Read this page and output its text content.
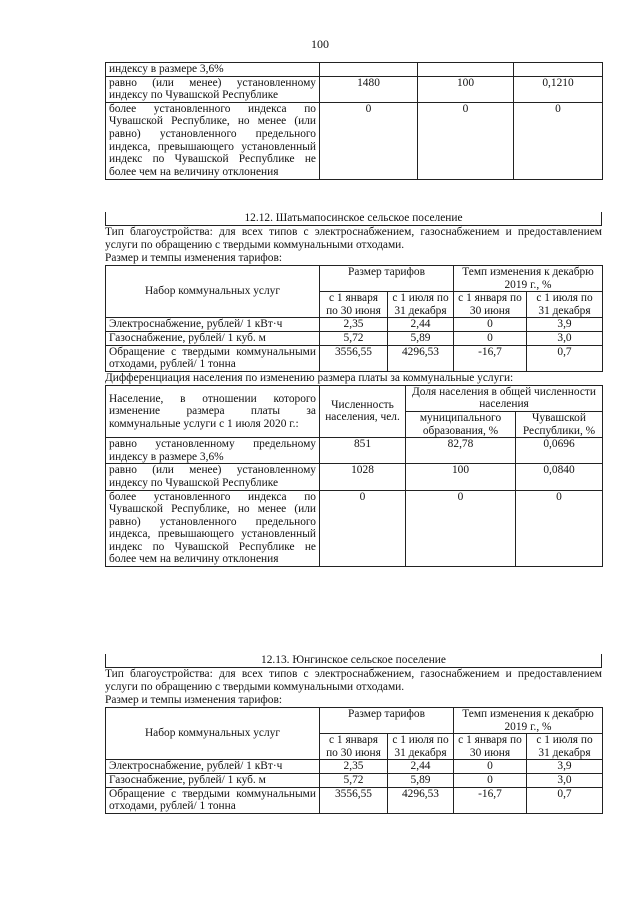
100
индексу в размере 3,6%			
равно (или менее) установленному индексу по Чувашской Республике	1480	100	0,1210
более установленного индекса по Чувашской Республике, но менее (или равно) установленного предельного индекса, превышающего установленный индекс по Чувашской Республике не более чем на величину отклонения	0	0	0
12.12. Шатьмапосинское сельское поселение
Тип благоустройства: для всех типов с электроснабжением, газоснабжением и предоставлением услуги по обращению с твердыми коммунальными отходами.
Размер и темпы изменения тарифов:
Набор коммунальных услуг	Размер тарифов		Темп изменения к декабрю 2019 г., %	
	с 1 января по 30 июня	с 1 июля по 31 декабря	с 1 января по 30 июня	с 1 июля по 31 декабря
Электроснабжение, рублей/ 1 кВт·ч	2,35	2,44	0	3,9
Газоснабжение, рублей/ 1 куб. м	5,72	5,89	0	3,0
Обращение с твердыми коммунальными отходами, рублей/ 1 тонна	3556,55	4296,53	-16,7	0,7
Дифференциация населения по изменению размера платы за коммунальные услуги:
Население, в отношении которого изменение размера платы за коммунальные услуги с 1 июля 2020 г.:	Численность населения, чел.	Доля населения в общей численности населения	
		муниципального образования, %	Чувашской Республики, %
равно установленному предельному индексу в размере 3,6%	851	82,78	0,0696
равно (или менее) установленному индексу по Чувашской Республике	1028	100	0,0840
более установленного индекса по Чувашской Республике, но менее (или равно) установленного предельного индекса, превышающего установленный индекс по Чувашской Республике не более чем на величину отклонения	0	0	0
12.13. Юнгинское сельское поселение
Тип благоустройства: для всех типов с электроснабжением, газоснабжением и предоставлением услуги по обращению с твердыми коммунальными отходами.
Размер и темпы изменения тарифов:
Набор коммунальных услуг	Размер тарифов		Темп изменения к декабрю 2019 г., %	
	с 1 января по 30 июня	с 1 июля по 31 декабря	с 1 января по 30 июня	с 1 июля по 31 декабря
Электроснабжение, рублей/ 1 кВт·ч	2,35	2,44	0	3,9
Газоснабжение, рублей/ 1 куб. м	5,72	5,89	0	3,0
Обращение с твердыми коммунальными отходами, рублей/ 1 тонна	3556,55	4296,53	-16,7	0,7
